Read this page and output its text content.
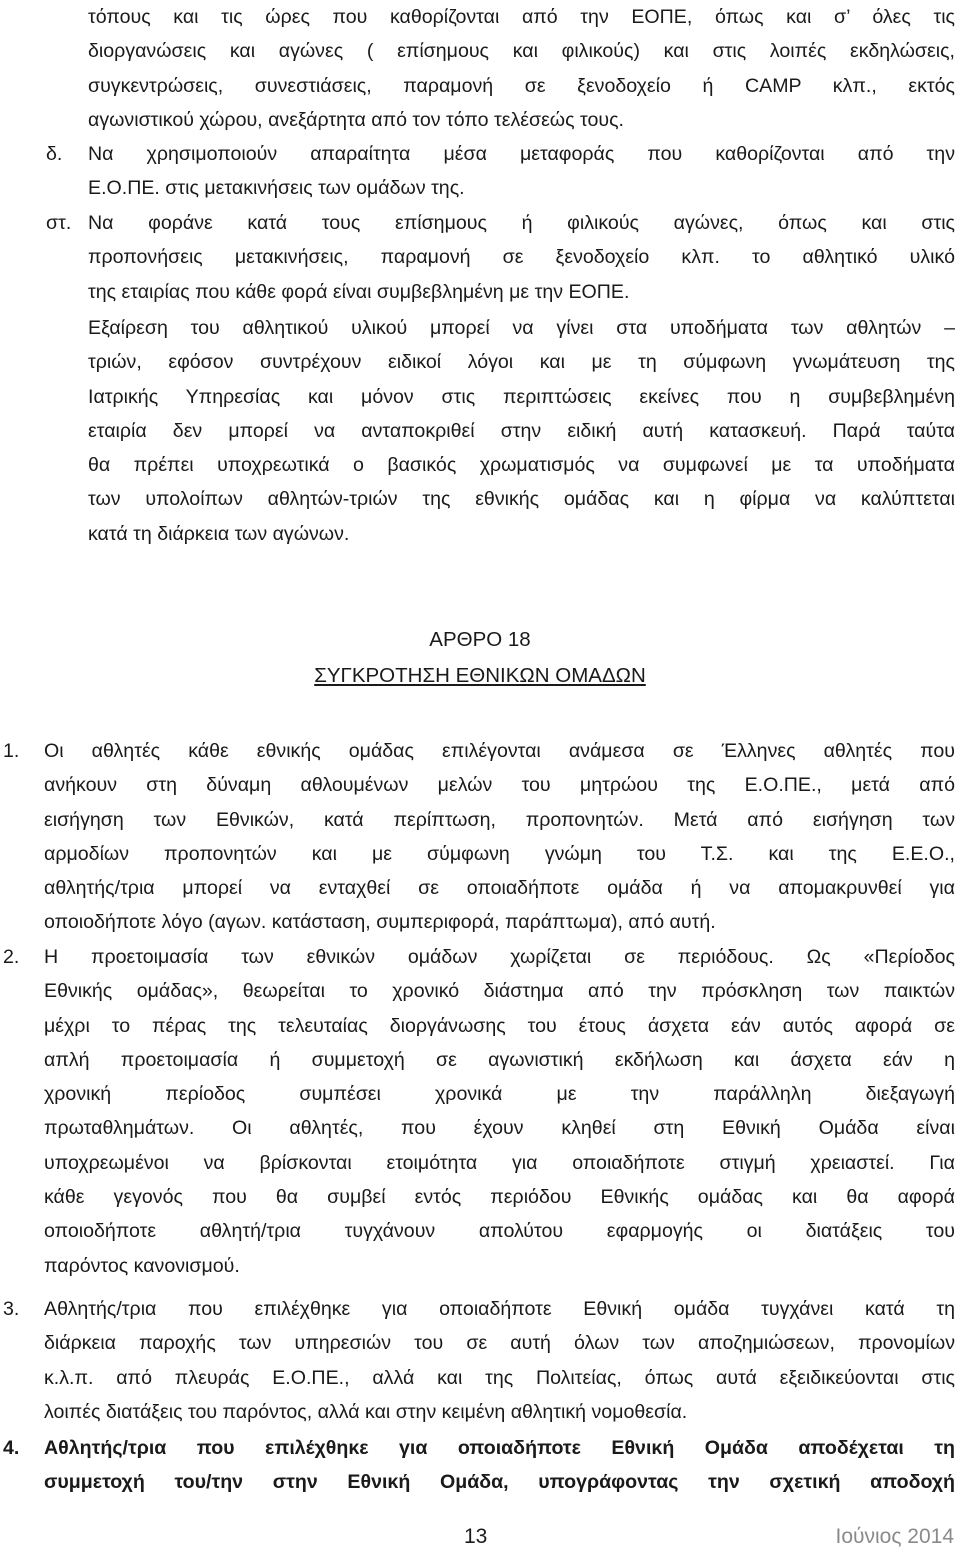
τόπους και τις ώρες που καθορίζονται από την ΕΟΠΕ, όπως και σ’ όλες τις
διοργανώσεις και αγώνες ( επίσημους και φιλικούς) και στις λοιπές εκδηλώσεις,
συγκεντρώσεις, συνεστιάσεις, παραμονή σε ξενοδοχείο ή CAMP κλπ., εκτός
αγωνιστικού χώρου, ανεξάρτητα από τον τόπο τελέσεώς τους.
δ. Να χρησιμοποιούν απαραίτητα μέσα μεταφοράς που καθορίζονται από την
Ε.Ο.ΠΕ. στις μετακινήσεις των ομάδων της.
στ. Να φοράνε κατά τους επίσημους ή φιλικούς αγώνες, όπως και στις
προπονήσεις μετακινήσεις, παραμονή σε ξενοδοχείο κλπ. το αθλητικό υλικό
της εταιρίας που κάθε φορά είναι συμβεβλημένη με την ΕΟΠΕ.
Εξαίρεση του αθλητικού υλικού μπορεί να γίνει στα υποδήματα των αθλητών –
τριών, εφόσον συντρέχουν ειδικοί λόγοι και με τη σύμφωνη γνωμάτευση της
Ιατρικής Υπηρεσίας και μόνον στις περιπτώσεις εκείνες που η συμβεβλημένη
εταιρία δεν μπορεί να ανταποκριθεί στην ειδική αυτή κατασκευή. Παρά ταύτα
θα πρέπει υποχρεωτικά ο βασικός χρωματισμός να συμφωνεί με τα υποδήματα
των υπολοίπων αθλητών-τριών της εθνικής ομάδας και η φίρμα να καλύπτεται
κατά τη διάρκεια των αγώνων.
ΑΡΘΡΟ 18
ΣΥΓΚΡΟΤΗΣΗ ΕΘΝΙΚΩΝ ΟΜΑΔΩΝ
1. Οι αθλητές κάθε εθνικής ομάδας επιλέγονται ανάμεσα σε Έλληνες αθλητές που
ανήκουν στη δύναμη αθλουμένων μελών του μητρώου της Ε.Ο.ΠΕ., μετά από
εισήγηση των Εθνικών, κατά περίπτωση, προπονητών. Μετά από εισήγηση των
αρμοδίων προπονητών και με σύμφωνη γνώμη του Τ.Σ. και της Ε.Ε.Ο.,
αθλητής/τρια μπορεί να ενταχθεί σε οποιαδήποτε ομάδα ή να απομακρυνθεί για
οποιοδήποτε λόγο (αγων. κατάσταση, συμπεριφορά, παράπτωμα), από αυτή.
2. Η προετοιμασία των εθνικών ομάδων χωρίζεται σε περιόδους. Ως «Περίοδος
Εθνικής ομάδας», θεωρείται το χρονικό διάστημα από την πρόσκληση των παικτών
μέχρι το πέρας της τελευταίας διοργάνωσης του έτους άσχετα εάν αυτός αφορά σε
απλή προετοιμασία ή συμμετοχή σε αγωνιστική εκδήλωση και άσχετα εάν η
χρονική περίοδος συμπέσει χρονικά με την παράλληλη διεξαγωγή
πρωταθλημάτων. Οι αθλητές, που έχουν κληθεί στη Εθνική Ομάδα είναι
υποχρεωμένοι να βρίσκονται ετοιμότητα για οποιαδήποτε στιγμή χρειαστεί. Για
κάθε γεγονός που θα συμβεί εντός περιόδου Εθνικής ομάδας και θα αφορά
οποιοδήποτε αθλητή/τρια τυγχάνουν απολύτου εφαρμογής οι διατάξεις του
παρόντος κανονισμού.
3. Αθλητής/τρια που επιλέχθηκε για οποιαδήποτε Εθνική ομάδα τυγχάνει κατά τη
διάρκεια παροχής των υπηρεσιών του σε αυτή όλων των αποζημιώσεων, προνομίων
κ.λ.π. από πλευράς Ε.Ο.ΠΕ., αλλά και της Πολιτείας, όπως αυτά εξειδικεύονται στις
λοιπές διατάξεις του παρόντος, αλλά και στην κειμένη αθλητική νομοθεσία.
4. Αθλητής/τρια που επιλέχθηκε για οποιαδήποτε Εθνική Ομάδα αποδέχεται τη
συμμετοχή του/την στην Εθνική Ομάδα, υπογράφοντας την σχετική αποδοχή
13	Ιούνιος 2014
